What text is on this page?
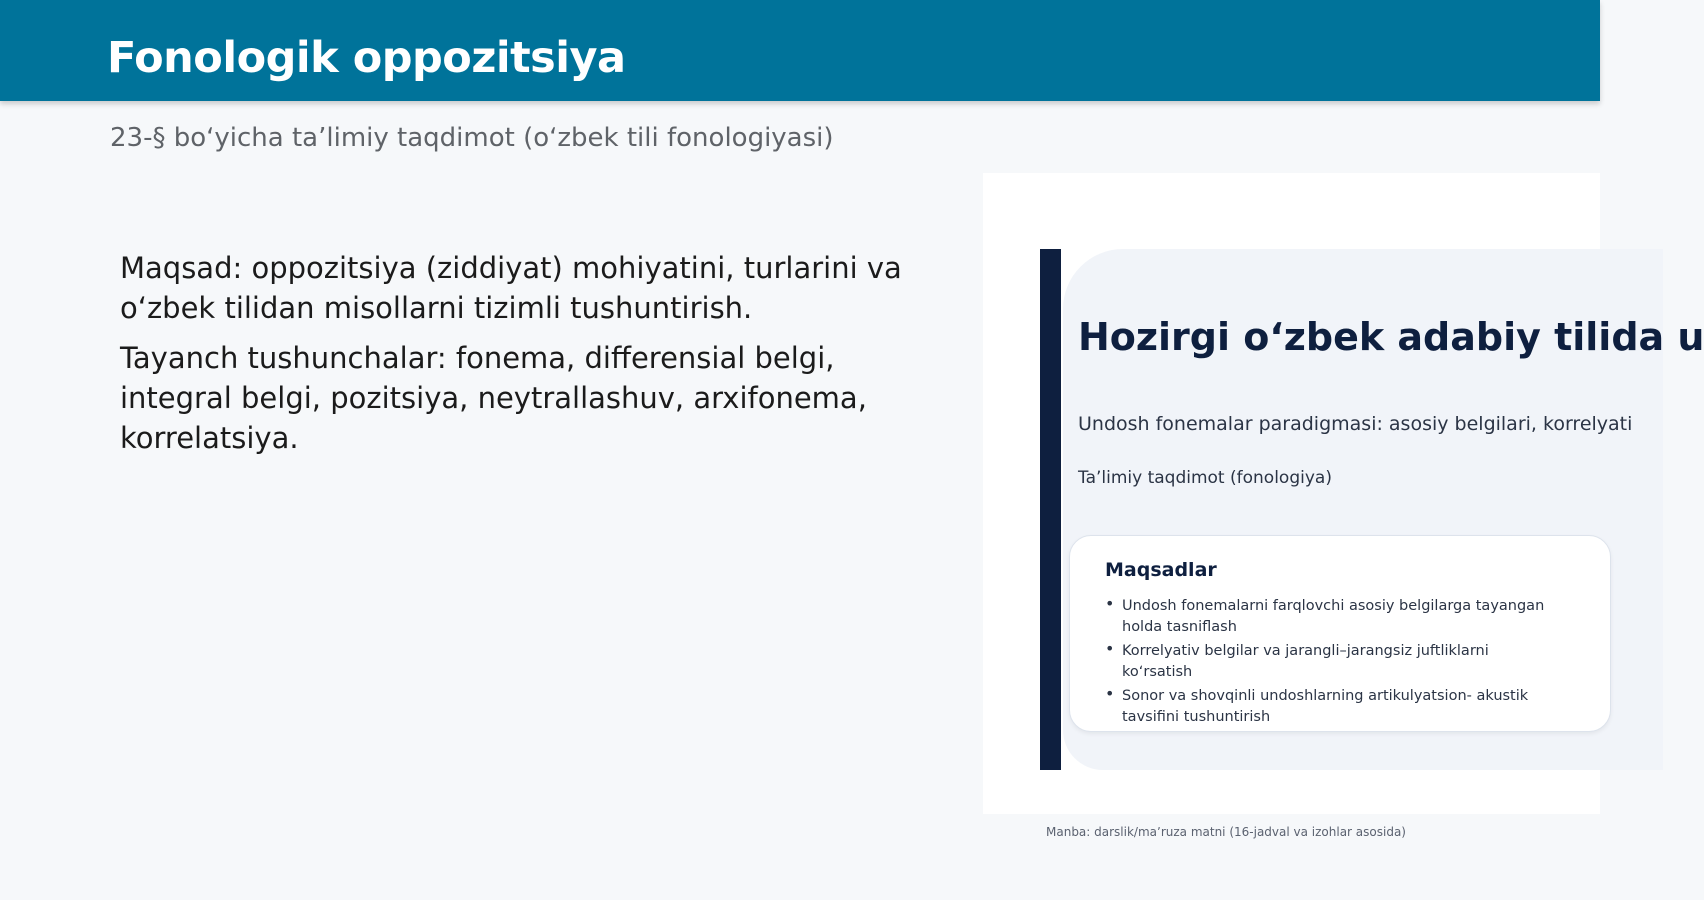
Fonologik oppozitsiya

23-§ boʻyicha taʼlimiy taqdimot (oʻzbek tili fonologiyasi)

Maqsad: oppozitsiya (ziddiyat) mohiyatini, turlarini va oʻzbek tilidan misollarni tizimli tushuntirish.

Tayanch tushunchalar: fonema, differensial belgi, integral belgi, pozitsiya, neytrallashuv, arxifonema, korrelatsiya.

Hozirgi oʻzbek adabiy tilida u

Undosh fonemalar paradigmasi: asosiy belgilari, korrelyati

Taʼlimiy taqdimot (fonologiya)

Maqsadlar
• Undosh fonemalarni farqlovchi asosiy belgilarga tayangan holda tasniflash
• Korrelyativ belgilar va jarangli–jarangsiz juftliklarni koʻrsatish
• Sonor va shovqinli undoshlarning artikulyatsion- akustik tavsifini tushuntirish

Manba: darslik/maʼruza matni (16-jadval va izohlar asosida)
